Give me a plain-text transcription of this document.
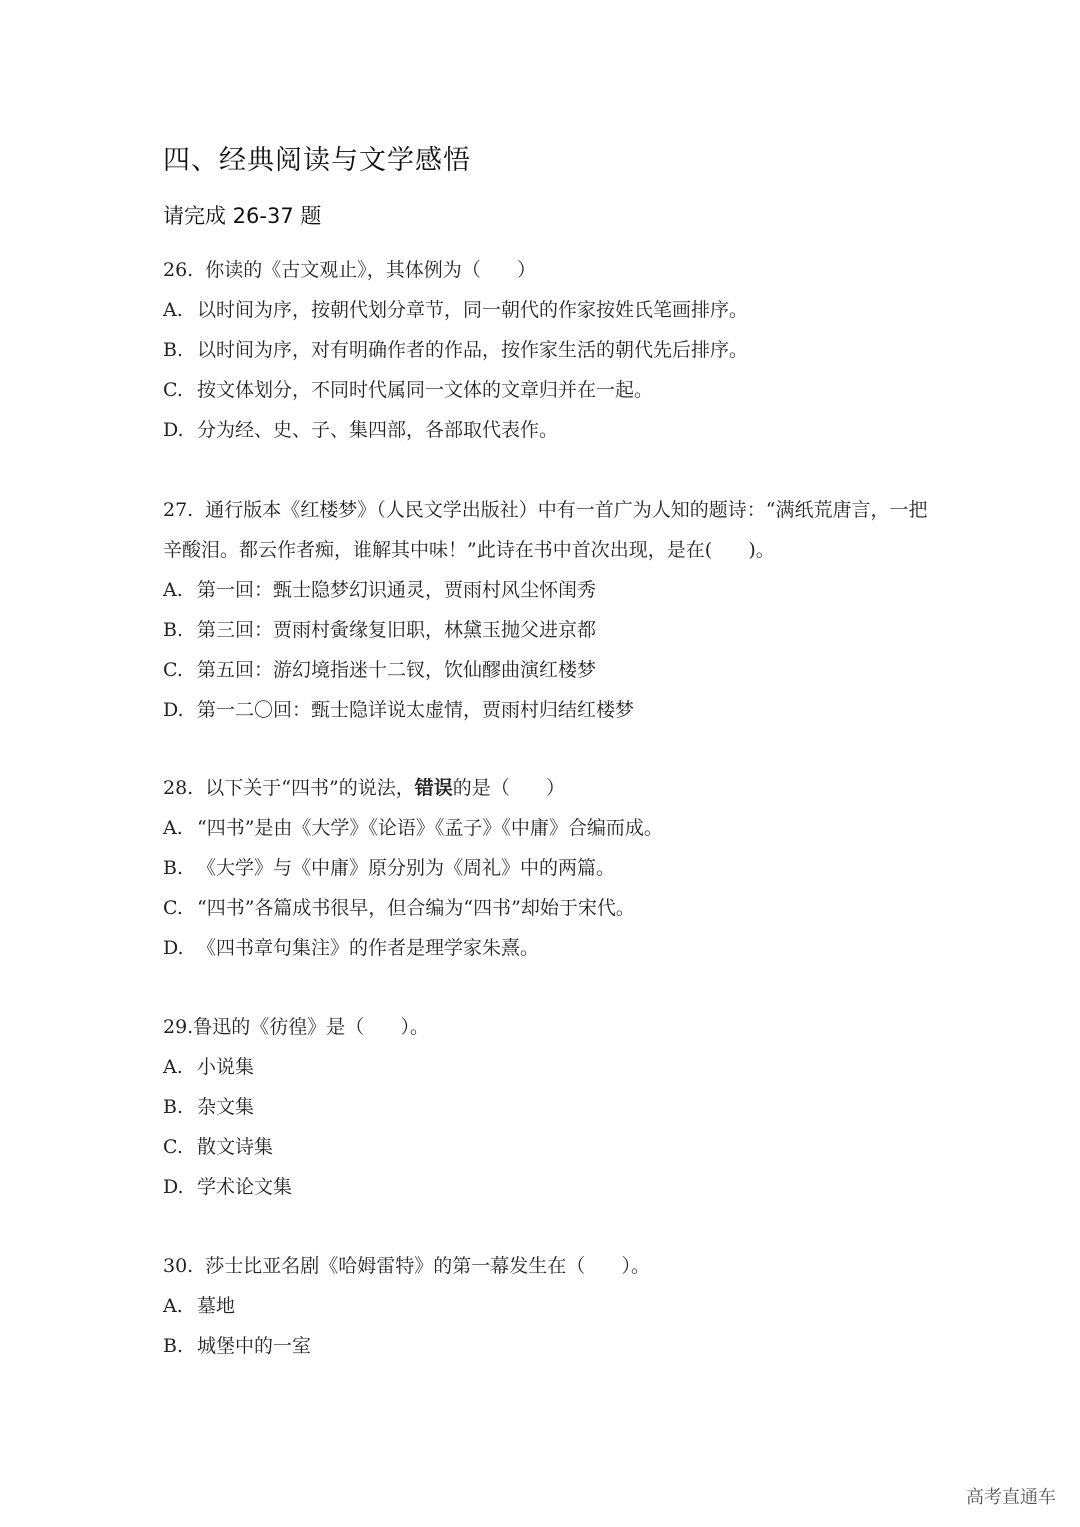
四、经典阅读与文学感悟
请完成 26-37 题

26.  你读的《古文观止》，其体例为（      ）

A. 以时间为序，按朝代划分章节，同一朝代的作家按姓氏笔画排序。
B. 以时间为序，对有明确作者的作品，按作家生活的朝代先后排序。
C. 按文体划分，不同时代属同一文体的文章归并在一起。
D. 分为经、史、子、集四部，各部取代表作。

27.  通行版本《红楼梦》（人民文学出版社）中有一首广为人知的题诗：“满纸荒唐言，一把辛酸泪。都云作者痴，谁解其中味！”此诗在书中首次出现，是在(      )。

A. 第一回：甄士隐梦幻识通灵，贾雨村风尘怀闺秀
B. 第三回：贾雨村夤缘复旧职，林黛玉抛父进京都
C. 第五回：游幻境指迷十二钗，饮仙醪曲演红楼梦
D. 第一二〇回：甄士隐详说太虚情，贾雨村归结红楼梦

28.  以下关于“四书”的说法，错误的是（      ）

A. “四书”是由《大学》《论语》《孟子》《中庸》合编而成。
B. 《大学》与《中庸》原分别为《周礼》中的两篇。
C. “四书”各篇成书很早，但合编为“四书”却始于宋代。
D. 《四书章句集注》的作者是理学家朱熹。

29.鲁迅的《彷徨》是（      ）。

A. 小说集
B. 杂文集
C. 散文诗集
D. 学术论文集

30.  莎士比亚名剧《哈姆雷特》的第一幕发生在（      ）。

A. 墓地
B. 城堡中的一室
高考直通车
